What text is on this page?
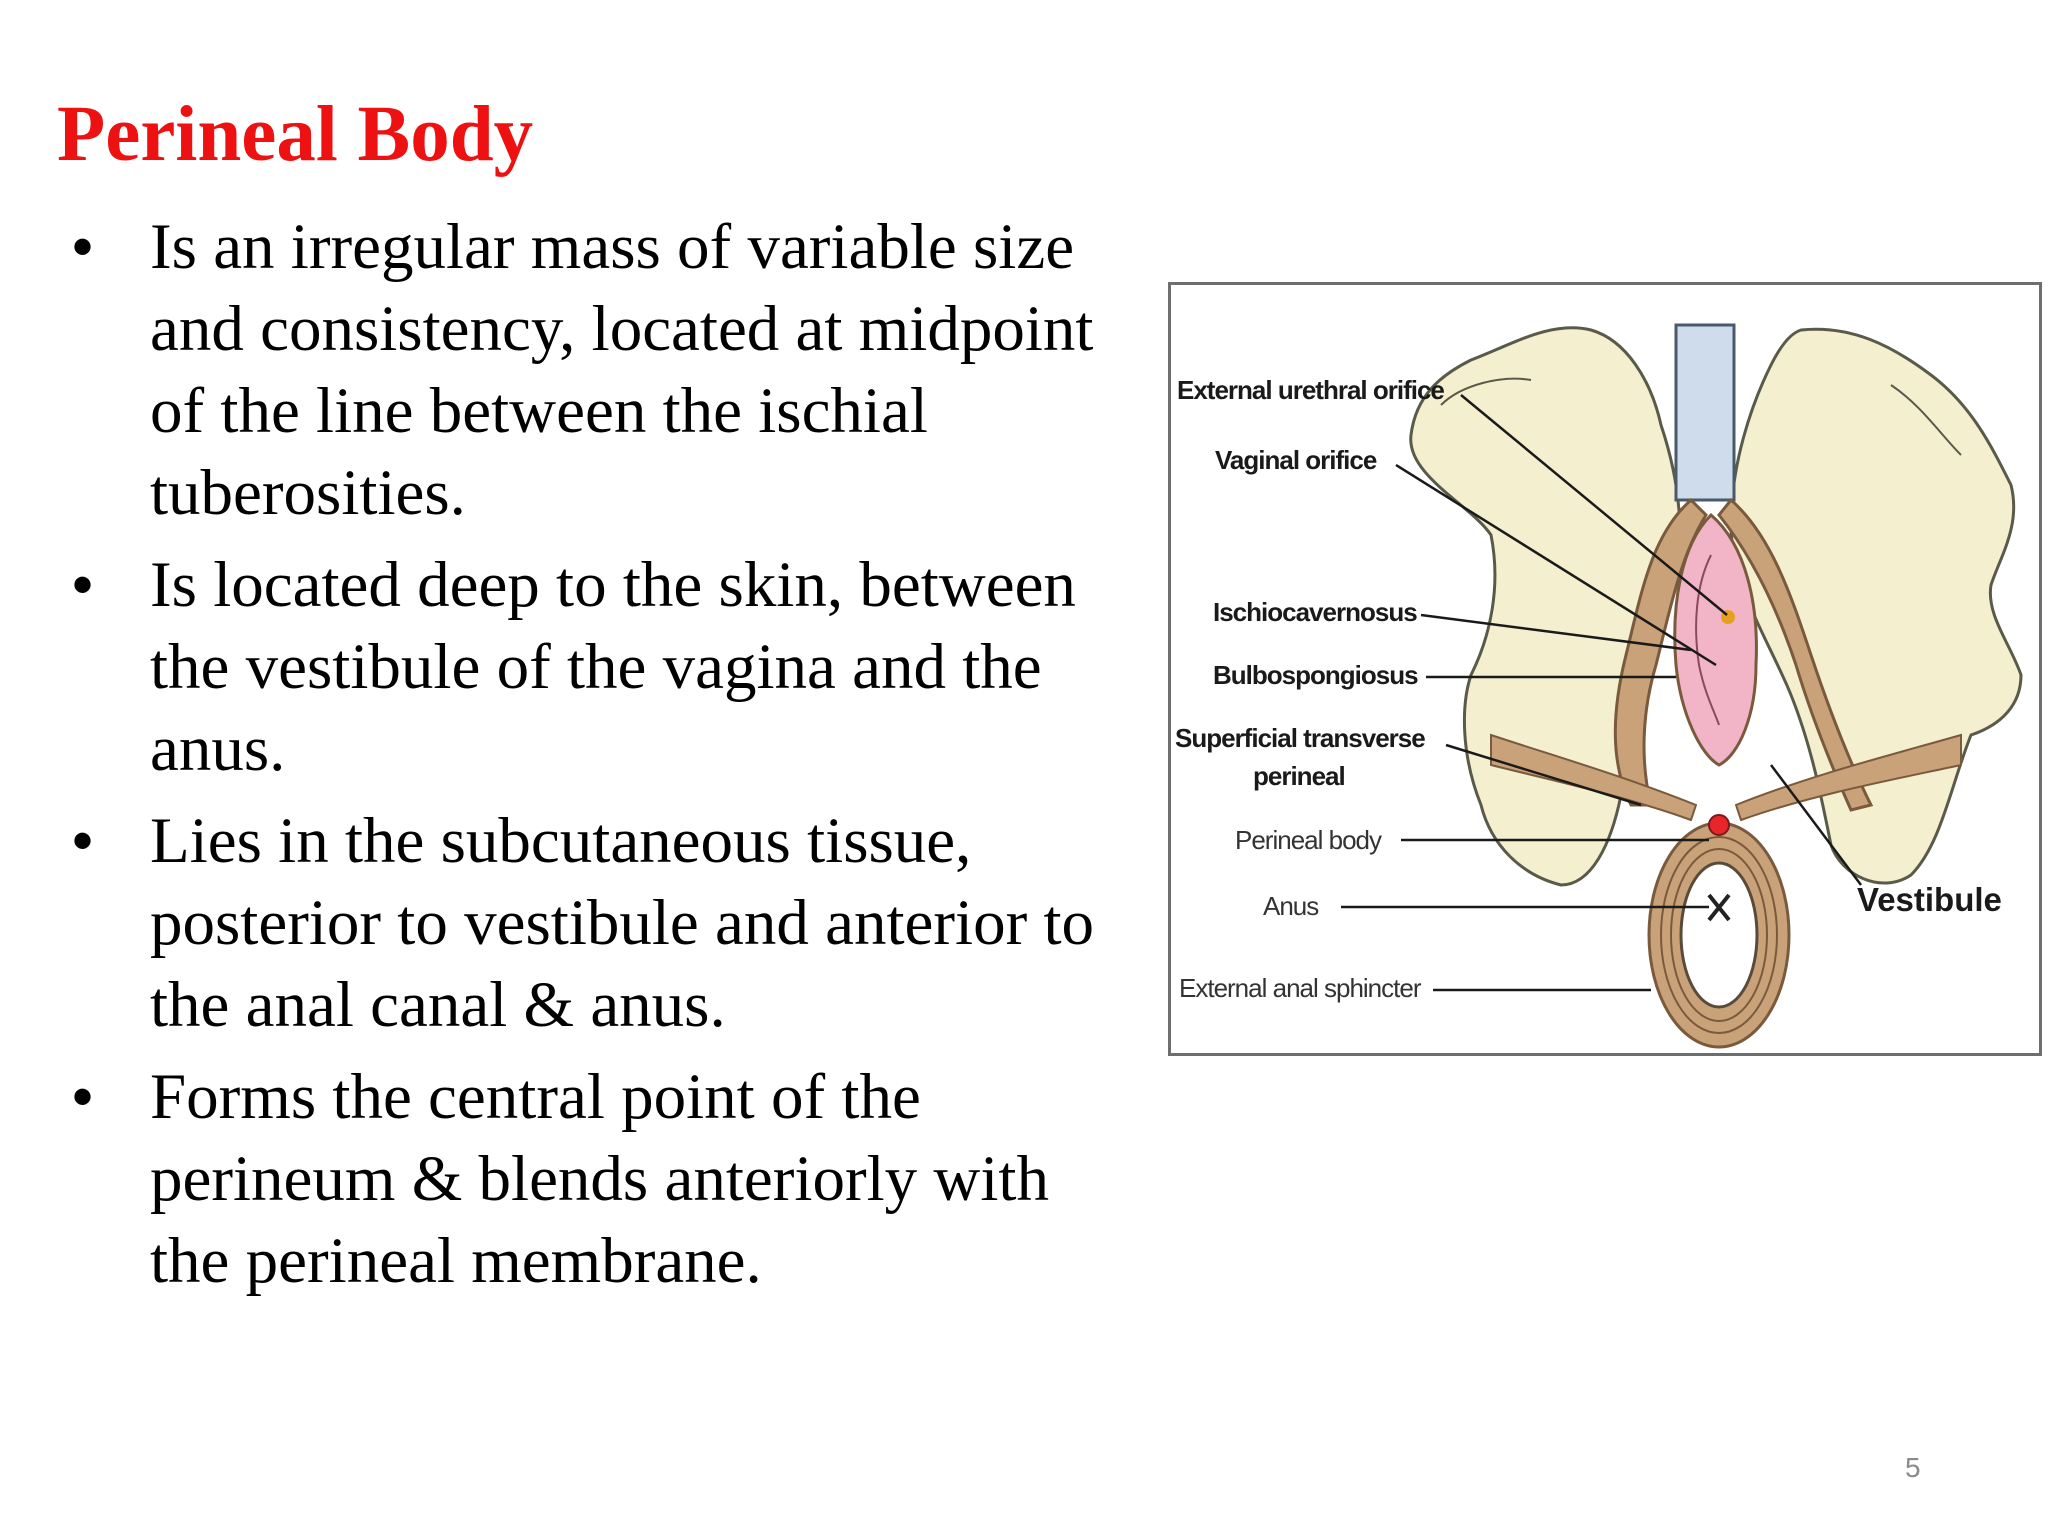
Perineal Body
• Is an irregular mass of variable size and consistency, located at midpoint of the line between the ischial tuberosities.
• Is located deep to the skin, between the vestibule of the vagina and the anus.
• Lies in the subcutaneous tissue, posterior to vestibule and anterior to the anal canal & anus.
• Forms the central point of the perineum & blends anteriorly with the perineal membrane.
External urethral orifice
Vaginal orifice
Ischiocavernosus
Bulbospongiosus
Superficial transverse
perineal
Perineal body
Anus
External anal sphincter
Vestibule
5
